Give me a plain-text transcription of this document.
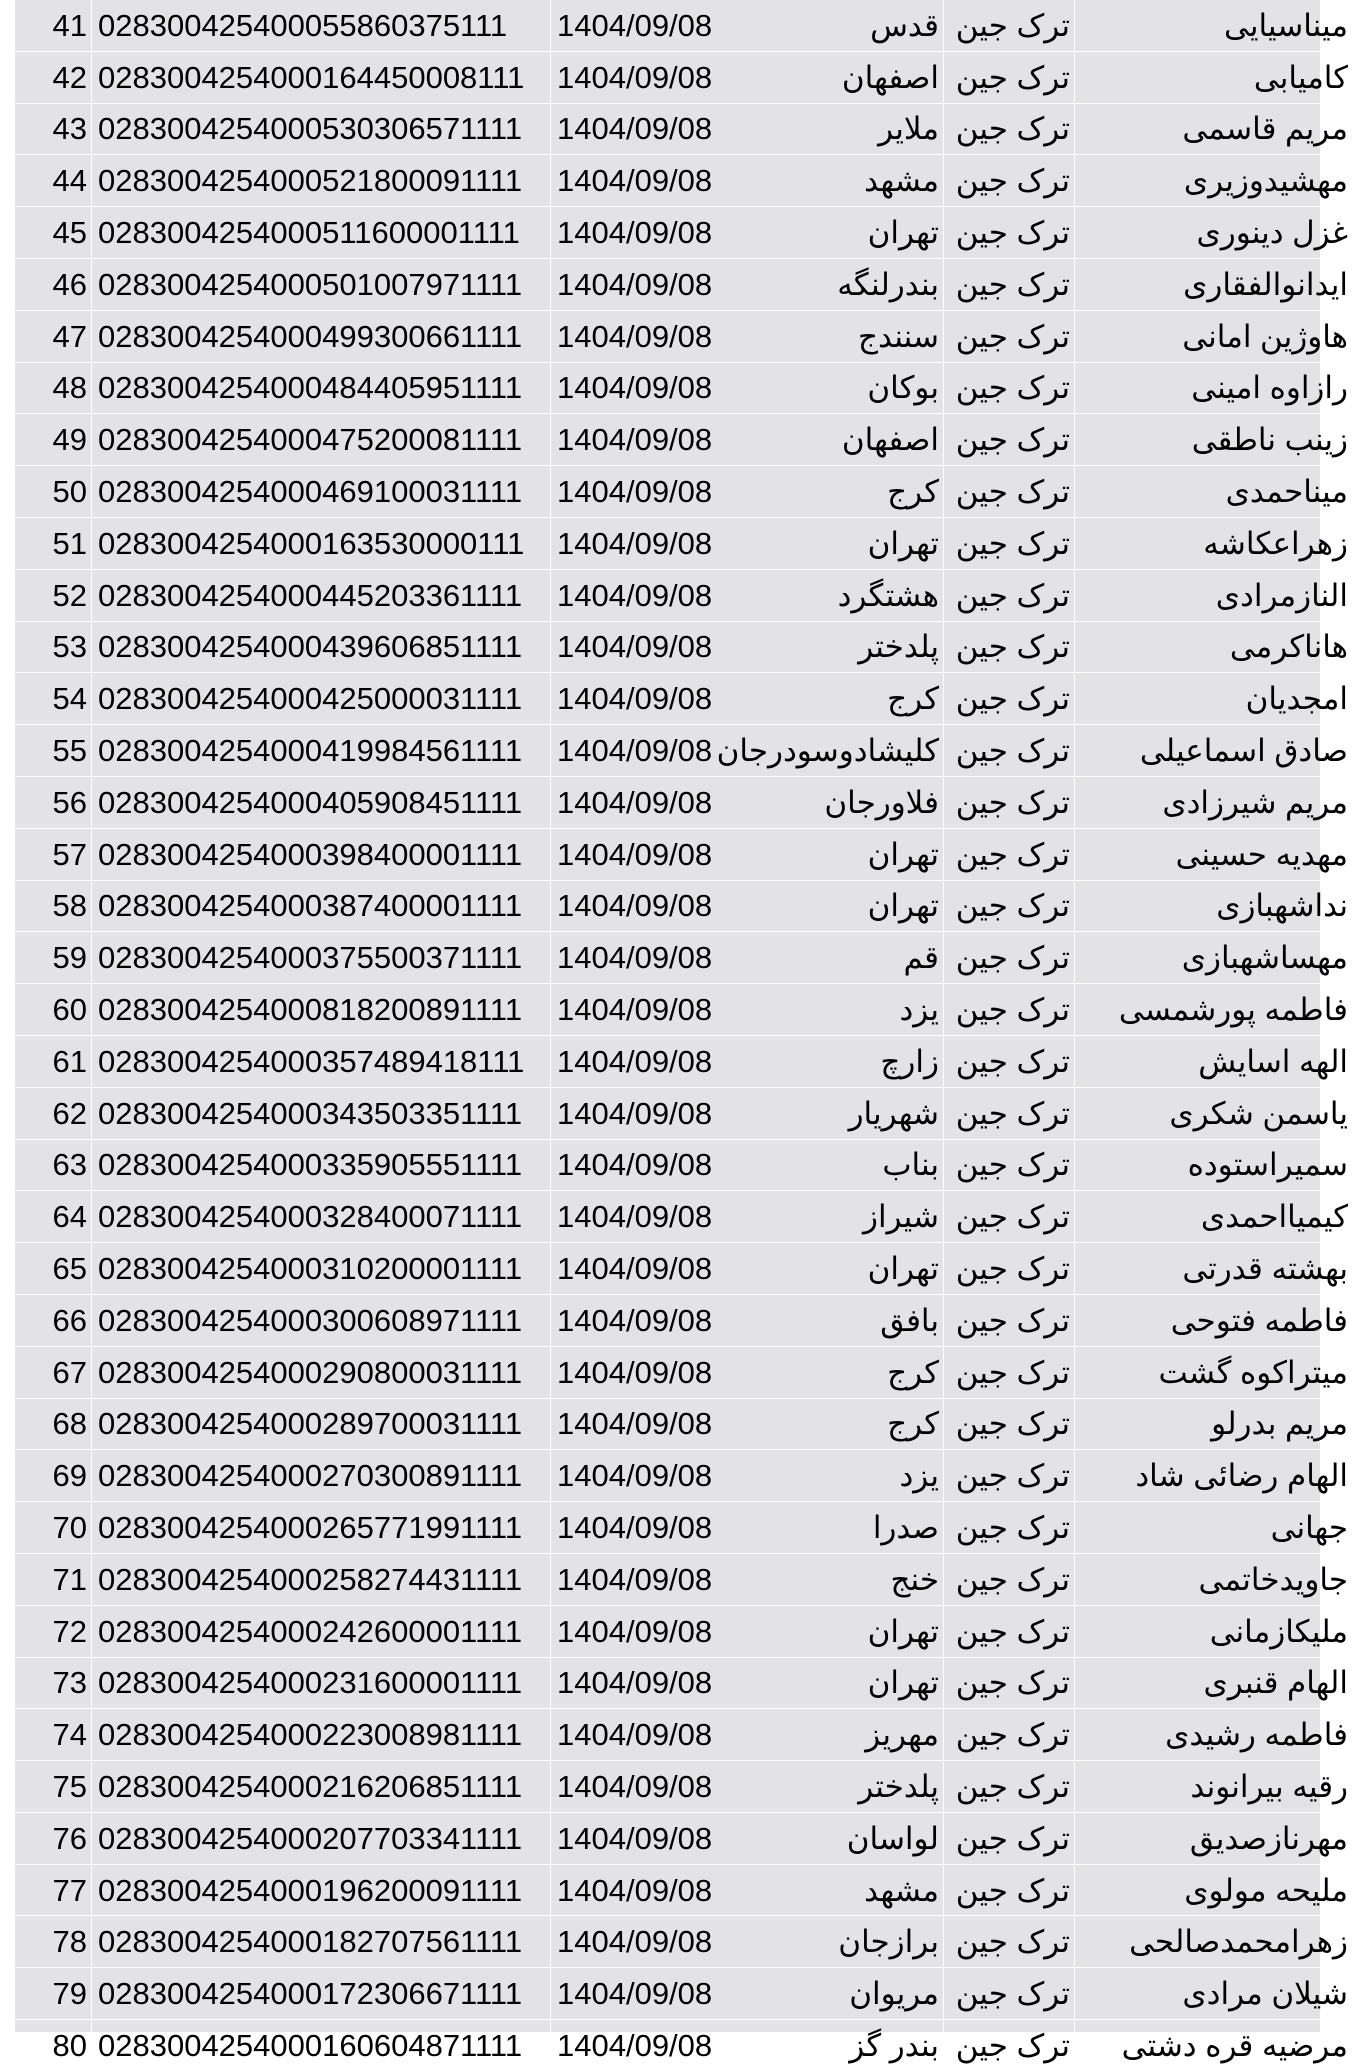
41	028300425400055860375111	1404/09/08	قدس	ترک جین	میناسیایی
42	0283004254000164450008111	1404/09/08	اصفهان	ترک جین	کامیابی
43	0283004254000530306571111	1404/09/08	ملایر	ترک جین	مریم قاسمی
44	0283004254000521800091111	1404/09/08	مشهد	ترک جین	مهشیدوزیری
45	0283004254000511600001111	1404/09/08	تهران	ترک جین	غزل دینوری
46	0283004254000501007971111	1404/09/08	بندرلنگه	ترک جین	ایدانوالفقاری
47	0283004254000499300661111	1404/09/08	سنندج	ترک جین	هاوژین امانی
48	0283004254000484405951111	1404/09/08	بوکان	ترک جین	رازاوه امینی
49	0283004254000475200081111	1404/09/08	اصفهان	ترک جین	زینب ناطقی
50	0283004254000469100031111	1404/09/08	کرج	ترک جین	میناحمدی
51	0283004254000163530000111	1404/09/08	تهران	ترک جین	زهراعکاشه
52	0283004254000445203361111	1404/09/08	هشتگرد	ترک جین	النازمرادی
53	0283004254000439606851111	1404/09/08	پلدختر	ترک جین	هاناکرمی
54	0283004254000425000031111	1404/09/08	کرج	ترک جین	امجدیان
55	0283004254000419984561111	1404/09/08	کلیشادوسودرجان	ترک جین	صادق اسماعیلی
56	0283004254000405908451111	1404/09/08	فلاورجان	ترک جین	مریم شیرزادی
57	0283004254000398400001111	1404/09/08	تهران	ترک جین	مهدیه حسینی
58	0283004254000387400001111	1404/09/08	تهران	ترک جین	نداشهبازی
59	0283004254000375500371111	1404/09/08	قم	ترک جین	مهساشهبازی
60	0283004254000818200891111	1404/09/08	یزد	ترک جین	فاطمه پورشمسی
61	0283004254000357489418111	1404/09/08	زارچ	ترک جین	الهه اسایش
62	0283004254000343503351111	1404/09/08	شهریار	ترک جین	یاسمن شکری
63	0283004254000335905551111	1404/09/08	بناب	ترک جین	سمیراستوده
64	0283004254000328400071111	1404/09/08	شیراز	ترک جین	کیمیااحمدی
65	0283004254000310200001111	1404/09/08	تهران	ترک جین	بهشته قدرتی
66	0283004254000300608971111	1404/09/08	بافق	ترک جین	فاطمه فتوحی
67	0283004254000290800031111	1404/09/08	کرج	ترک جین	میتراکوه گشت
68	0283004254000289700031111	1404/09/08	کرج	ترک جین	مریم بدرلو
69	0283004254000270300891111	1404/09/08	یزد	ترک جین	الهام رضائی شاد
70	0283004254000265771991111	1404/09/08	صدرا	ترک جین	جهانی
71	0283004254000258274431111	1404/09/08	خنج	ترک جین	جاویدخاتمی
72	0283004254000242600001111	1404/09/08	تهران	ترک جین	ملیکازمانی
73	0283004254000231600001111	1404/09/08	تهران	ترک جین	الهام قنبری
74	0283004254000223008981111	1404/09/08	مهریز	ترک جین	فاطمه رشیدی
75	0283004254000216206851111	1404/09/08	پلدختر	ترک جین	رقیه بیرانوند
76	0283004254000207703341111	1404/09/08	لواسان	ترک جین	مهرنازصدیق
77	0283004254000196200091111	1404/09/08	مشهد	ترک جین	ملیحه مولوی
78	0283004254000182707561111	1404/09/08	برازجان	ترک جین	زهرامحمدصالحی
79	0283004254000172306671111	1404/09/08	مریوان	ترک جین	شیلان مرادی
80	0283004254000160604871111	1404/09/08	بندر گز	ترک جین	مرضیه قره دشتی
